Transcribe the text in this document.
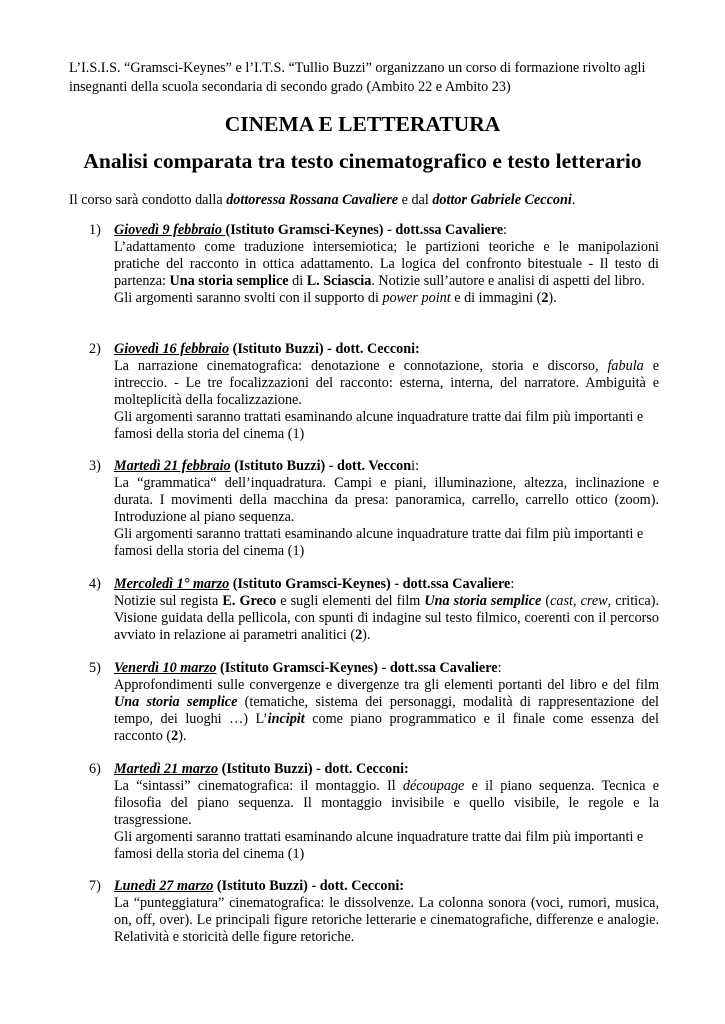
L’I.S.I.S. “Gramsci-Keynes” e l’I.T.S. “Tullio Buzzi” organizzano un corso di formazione rivolto agli insegnanti della scuola secondaria di secondo grado (Ambito 22 e Ambito 23)
CINEMA E LETTERATURA
Analisi comparata tra testo cinematografico e testo letterario
Il corso sarà condotto dalla dottoressa Rossana Cavaliere e dal dottor Gabriele Cecconi.
1) Giovedì 9 febbraio (Istituto Gramsci-Keynes) - dott.ssa Cavaliere:
L’adattamento come traduzione intersemiotica; le partizioni teoriche e le manipolazioni pratiche del racconto in ottica adattamento. La logica del confronto bitestuale - Il testo di partenza: Una storia semplice di L. Sciascia. Notizie sull’autore e analisi di aspetti del libro.
Gli argomenti saranno svolti con il supporto di power point e di immagini (2).
2) Giovedì 16 febbraio (Istituto Buzzi) - dott. Cecconi:
La narrazione cinematografica: denotazione e connotazione, storia e discorso, fabula e intreccio. - Le tre focalizzazioni del racconto: esterna, interna, del narratore. Ambiguità e molteplicità della focalizzazione.
Gli argomenti saranno trattati esaminando alcune inquadrature tratte dai film più importanti e famosi della storia del cinema (1)
3) Martedì 21 febbraio (Istituto Buzzi) - dott. Vecconi:
La “grammatica“ dell’inquadratura. Campi e piani, illuminazione, altezza, inclinazione e durata. I movimenti della macchina da presa: panoramica, carrello, carrello ottico (zoom). Introduzione al piano sequenza.
Gli argomenti saranno trattati esaminando alcune inquadrature tratte dai film più importanti e famosi della storia del cinema (1)
4) Mercoledì 1° marzo (Istituto Gramsci-Keynes) - dott.ssa Cavaliere:
Notizie sul regista E. Greco e sugli elementi del film Una storia semplice (cast, crew, critica). Visione guidata della pellicola, con spunti di indagine sul testo filmico, coerenti con il percorso avviato in relazione ai parametri analitici (2).
5) Venerdì 10 marzo (Istituto Gramsci-Keynes) - dott.ssa Cavaliere:
Approfondimenti sulle convergenze e divergenze tra gli elementi portanti del libro e del film Una storia semplice (tematiche, sistema dei personaggi, modalità di rappresentazione del tempo, dei luoghi …) L’incipit come piano programmatico e il finale come essenza del racconto (2).
6) Martedì 21 marzo (Istituto Buzzi) - dott. Cecconi:
La “sintassi” cinematografica: il montaggio. Il découpage e il piano sequenza. Tecnica e filosofia del piano sequenza. Il montaggio invisibile e quello visibile, le regole e la trasgressione.
Gli argomenti saranno trattati esaminando alcune inquadrature tratte dai film più importanti e famosi della storia del cinema (1)
7) Lunedì 27 marzo (Istituto Buzzi) - dott. Cecconi:
La “punteggiatura” cinematografica: le dissolvenze. La colonna sonora (voci, rumori, musica, on, off, over). Le principali figure retoriche letterarie e cinematografiche, differenze e analogie. Relatività e storicità delle figure retoriche.
